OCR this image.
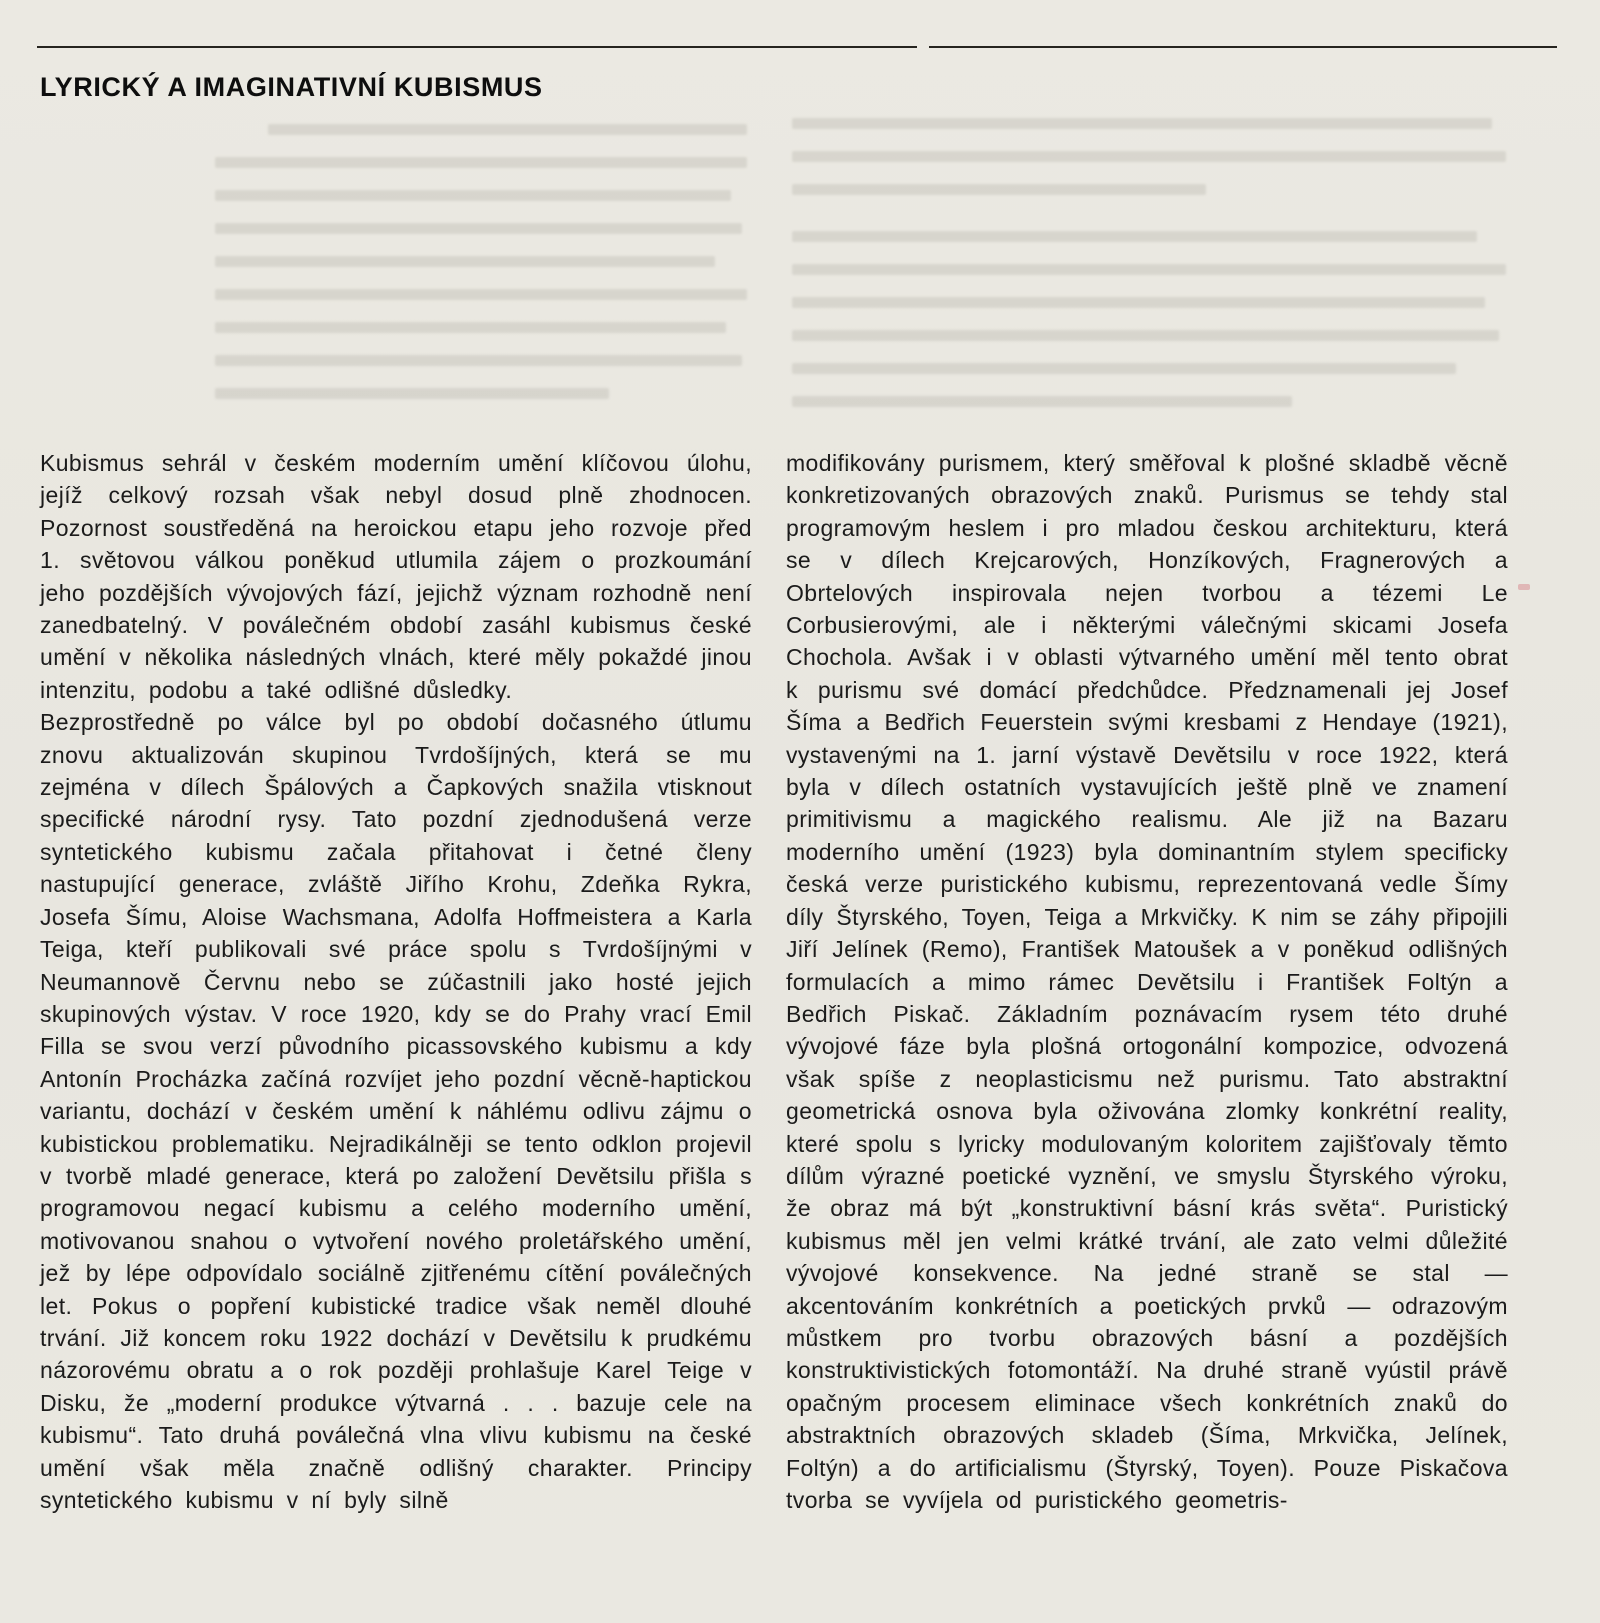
LYRICKÝ A IMAGINATIVNÍ KUBISMUS

Kubismus sehrál v českém moderním umění klíčovou úlohu, jejíž celkový rozsah však nebyl dosud plně zhodnocen. Pozornost soustředěná na heroickou etapu jeho rozvoje před 1. světovou válkou poněkud utlumila zájem o prozkoumání jeho pozdějších vývojových fází, jejichž význam rozhodně není zanedbatelný. V poválečném období zasáhl kubismus české umění v několika následných vlnách, které měly pokaždé jinou intenzitu, podobu a také odlišné důsledky.

Bezprostředně po válce byl po období dočasného útlumu znovu aktualizován skupinou Tvrdošíjných, která se mu zejména v dílech Špálových a Čapkových snažila vtisknout specifické národní rysy. Tato pozdní zjednodušená verze syntetického kubismu začala přitahovat i četné členy nastupující generace, zvláště Jiřího Krohu, Zdeňka Rykra, Josefa Šímu, Aloise Wachsmana, Adolfa Hoffmeistera a Karla Teiga, kteří publikovali své práce spolu s Tvrdošíjnými v Neumannově Červnu nebo se zúčastnili jako hosté jejich skupinových výstav. V roce 1920, kdy se do Prahy vrací Emil Filla se svou verzí původního picassovského kubismu a kdy Antonín Procházka začíná rozvíjet jeho pozdní věcně-haptickou variantu, dochází v českém umění k náhlému odlivu zájmu o kubistickou problematiku. Nejradikálněji se tento odklon projevil v tvorbě mladé generace, která po založení Devětsilu přišla s programovou negací kubismu a celého moderního umění, motivovanou snahou o vytvoření nového proletářského umění, jež by lépe odpovídalo sociálně zjitřenému cítění poválečných let. Pokus o popření kubistické tradice však neměl dlouhé trvání. Již koncem roku 1922 dochází v Devětsilu k prudkému názorovému obratu a o rok později prohlašuje Karel Teige v Disku, že „moderní produkce výtvarná . . . bazuje cele na kubismu“. Tato druhá poválečná vlna vlivu kubismu na české umění však měla značně odlišný charakter. Principy syntetického kubismu v ní byly silně

modifikovány purismem, který směřoval k plošné skladbě věcně konkretizovaných obrazových znaků. Purismus se tehdy stal programovým heslem i pro mladou českou architekturu, která se v dílech Krejcarových, Honzíkových, Fragnerových a Obrtelových inspirovala nejen tvorbou a tézemi Le Corbusierovými, ale i některými válečnými skicami Josefa Chochola. Avšak i v oblasti výtvarného umění měl tento obrat k purismu své domácí předchůdce. Předznamenali jej Josef Šíma a Bedřich Feuerstein svými kresbami z Hendaye (1921), vystavenými na 1. jarní výstavě Devětsilu v roce 1922, která byla v dílech ostatních vystavujících ještě plně ve znamení primitivismu a magického realismu. Ale již na Bazaru moderního umění (1923) byla dominantním stylem specificky česká verze puristického kubismu, reprezentovaná vedle Šímy díly Štyrského, Toyen, Teiga a Mrkvičky. K nim se záhy připojili Jiří Jelínek (Remo), František Matoušek a v poněkud odlišných formulacích a mimo rámec Devětsilu i František Foltýn a Bedřich Piskač. Základním poznávacím rysem této druhé vývojové fáze byla plošná ortogonální kompozice, odvozená však spíše z neoplasticismu než purismu. Tato abstraktní geometrická osnova byla oživována zlomky konkrétní reality, které spolu s lyricky modulovaným koloritem zajišťovaly těmto dílům výrazné poetické vyznění, ve smyslu Štyrského výroku, že obraz má být „konstruktivní básní krás světa“. Puristický kubismus měl jen velmi krátké trvání, ale zato velmi důležité vývojové konsekvence. Na jedné straně se stal — akcentováním konkrétních a poetických prvků — odrazovým můstkem pro tvorbu obrazových básní a pozdějších konstruktivistických fotomontáží. Na druhé straně vyústil právě opačným procesem eliminace všech konkrétních znaků do abstraktních obrazových skladeb (Šíma, Mrkvička, Jelínek, Foltýn) a do artificialismu (Štyrský, Toyen). Pouze Piskačova tvorba se vyvíjela od puristického geometris-
